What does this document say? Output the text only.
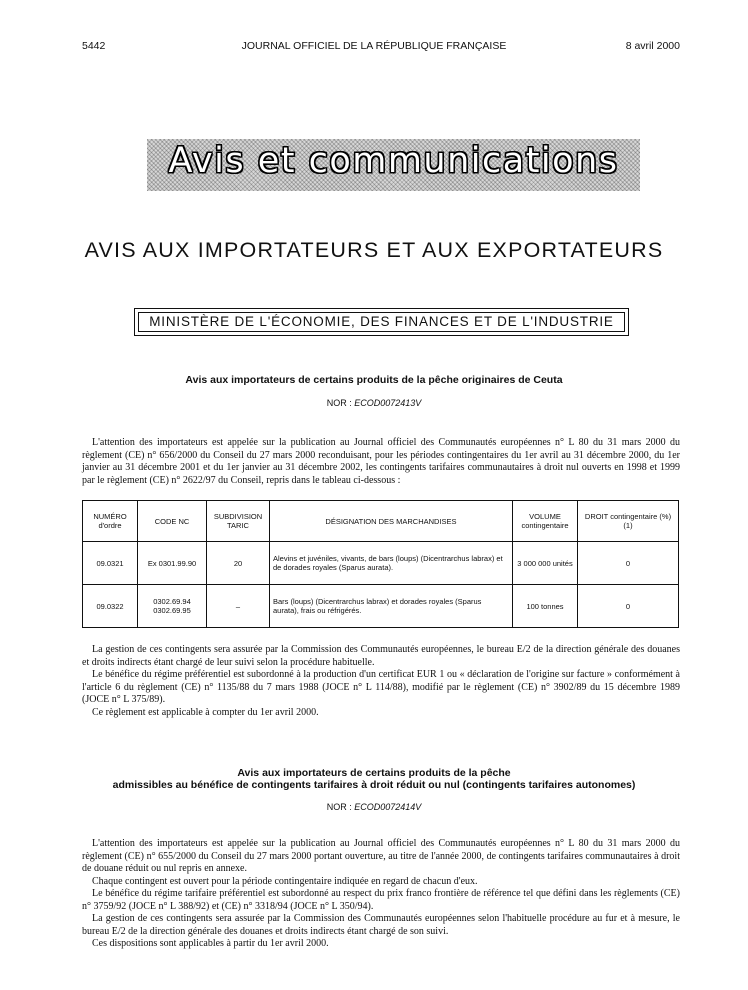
5442	JOURNAL OFFICIEL DE LA RÉPUBLIQUE FRANÇAISE	8 avril 2000
Avis et communications
AVIS AUX IMPORTATEURS ET AUX EXPORTATEURS
MINISTÈRE DE L'ÉCONOMIE, DES FINANCES ET DE L'INDUSTRIE
Avis aux importateurs de certains produits de la pêche originaires de Ceuta
NOR : ECOD0072413V

L'attention des importateurs est appelée sur la publication au Journal officiel des Communautés européennes n° L 80 du 31 mars 2000 du règlement (CE) n° 656/2000 du Conseil du 27 mars 2000 reconduisant, pour les périodes contingentaires du 1er avril au 31 décembre 2000, du 1er janvier au 31 décembre 2001 et du 1er janvier au 31 décembre 2002, les contingents tarifaires communautaires à droit nul ouverts en 1998 et 1999 par le règlement (CE) n° 2622/97 du Conseil, repris dans le tableau ci-dessous :

NUMÉRO d'ordre	CODE NC	SUBDIVISION TARIC	DÉSIGNATION DES MARCHANDISES	VOLUME contingentaire	DROIT contingentaire (%) (1)
09.0321	Ex 0301.99.90	20	Alevins et juvéniles, vivants, de bars (loups) (Dicentrarchus labrax) et de dorades royales (Sparus aurata).	3 000 000 unités	0
09.0322	0302.69.94 0302.69.95	–	Bars (loups) (Dicentrarchus labrax) et dorades royales (Sparus aurata), frais ou réfrigérés.	100 tonnes	0

La gestion de ces contingents sera assurée par la Commission des Communautés européennes, le bureau E/2 de la direction générale des douanes et droits indirects étant chargé de leur suivi selon la procédure habituelle.

Le bénéfice du régime préférentiel est subordonné à la production d'un certificat EUR 1 ou « déclaration de l'origine sur facture » conformément à l'article 6 du règlement (CE) n° 1135/88 du 7 mars 1988 (JOCE n° L 114/88), modifié par le règlement (CE) n° 3902/89 du 15 décembre 1989 (JOCE n° L 375/89).

Ce règlement est applicable à compter du 1er avril 2000.

Avis aux importateurs de certains produits de la pêche
admissibles au bénéfice de contingents tarifaires à droit réduit ou nul (contingents tarifaires autonomes)
NOR : ECOD0072414V

L'attention des importateurs est appelée sur la publication au Journal officiel des Communautés européennes n° L 80 du 31 mars 2000 du règlement (CE) n° 655/2000 du Conseil du 27 mars 2000 portant ouverture, au titre de l'année 2000, de contingents tarifaires communautaires à droit de douane réduit ou nul repris en annexe.

Chaque contingent est ouvert pour la période contingentaire indiquée en regard de chacun d'eux.

Le bénéfice du régime tarifaire préférentiel est subordonné au respect du prix franco frontière de référence tel que défini dans les règlements (CE) n° 3759/92 (JOCE n° L 388/92) et (CE) n° 3318/94 (JOCE n° L 350/94).

La gestion de ces contingents sera assurée par la Commission des Communautés européennes selon l'habituelle procédure au fur et à mesure, le bureau E/2 de la direction générale des douanes et droits indirects étant chargé de son suivi.

Ces dispositions sont applicables à partir du 1er avril 2000.
